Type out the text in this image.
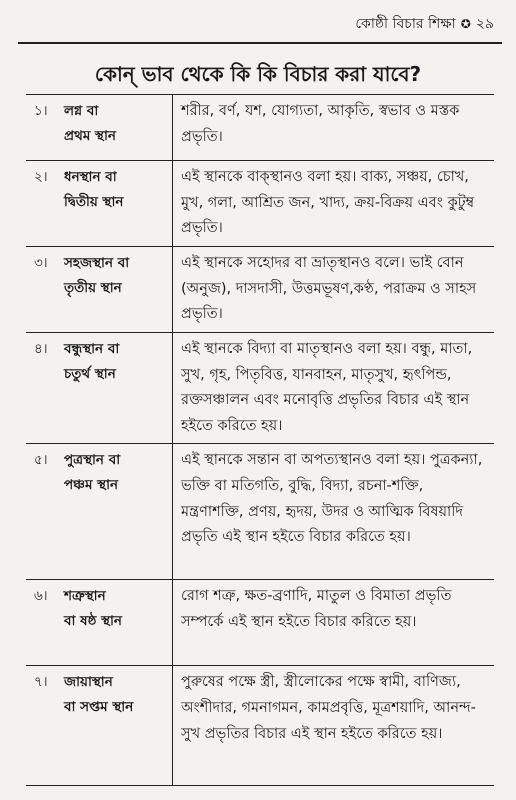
কোষ্ঠী বিচার শিক্ষা ✪ ২৯
কোন্ ভাব থেকে কি কি বিচার করা যাবে?
১। লগ্ন বা
প্রথম স্থান
শরীর, বর্ণ, যশ, যোগ্যতা, আকৃতি, স্বভাব ও মস্তক প্রভৃতি।
২। ধনস্থান বা
দ্বিতীয় স্থান
এই স্থানকে বাক্স্থানও বলা হয়। বাক্য, সঞ্চয়, চোখ, মুখ, গলা, আশ্রিত জন, খাদ্য, ক্রয়-বিক্রয় এবং কুটুম্ব প্রভৃতি।
৩। সহজস্থান বা
তৃতীয় স্থান
এই স্থানকে সহোদর বা ভ্রাতৃস্থানও বলে। ভাই বোন (অনুজ), দাসদাসী, উত্তমভূষণ,কণ্ঠ, পরাক্রম ও সাহস প্রভৃতি।
৪। বন্ধুস্থান বা
চতুর্থ স্থান
এই স্থানকে বিদ্যা বা মাতৃস্থানও বলা হয়। বন্ধু, মাতা, সুখ, গৃহ, পিতৃবিত্ত, যানবাহন, মাতৃসুখ, হৃৎপিন্ড, রক্তসঞ্চালন এবং মনোবৃত্তি প্রভৃতির বিচার এই স্থান হইতে করিতে হয়।
৫। পুত্রস্থান বা
পঞ্চম স্থান
এই স্থানকে সন্তান বা অপত্যস্থানও বলা হয়। পুত্রকন্যা, ভক্তি বা মতিগতি, বুদ্ধি, বিদ্যা, রচনা-শক্তি, মন্ত্রণাশক্তি, প্রণয়, হৃদয়, উদর ও আত্মিক বিষয়াদি প্রভৃতি এই স্থান হইতে বিচার করিতে হয়।
৬। শত্রুস্থান
বা ষষ্ঠ স্থান
রোগ শত্রু, ক্ষত-ব্রণাদি, মাতুল ও বিমাতা প্রভৃতি সম্পর্কে এই স্থান হইতে বিচার করিতে হয়।
৭। জায়াস্থান
বা সপ্তম স্থান
পুরুষের পক্ষে স্ত্রী, স্ত্রীলোকের পক্ষে স্বামী, বাণিজ্য, অংশীদার, গমনাগমন, কামপ্রবৃত্তি, মূত্রশয়াদি, আনন্দ-সুখ প্রভৃতির বিচার এই স্থান হইতে করিতে হয়।
